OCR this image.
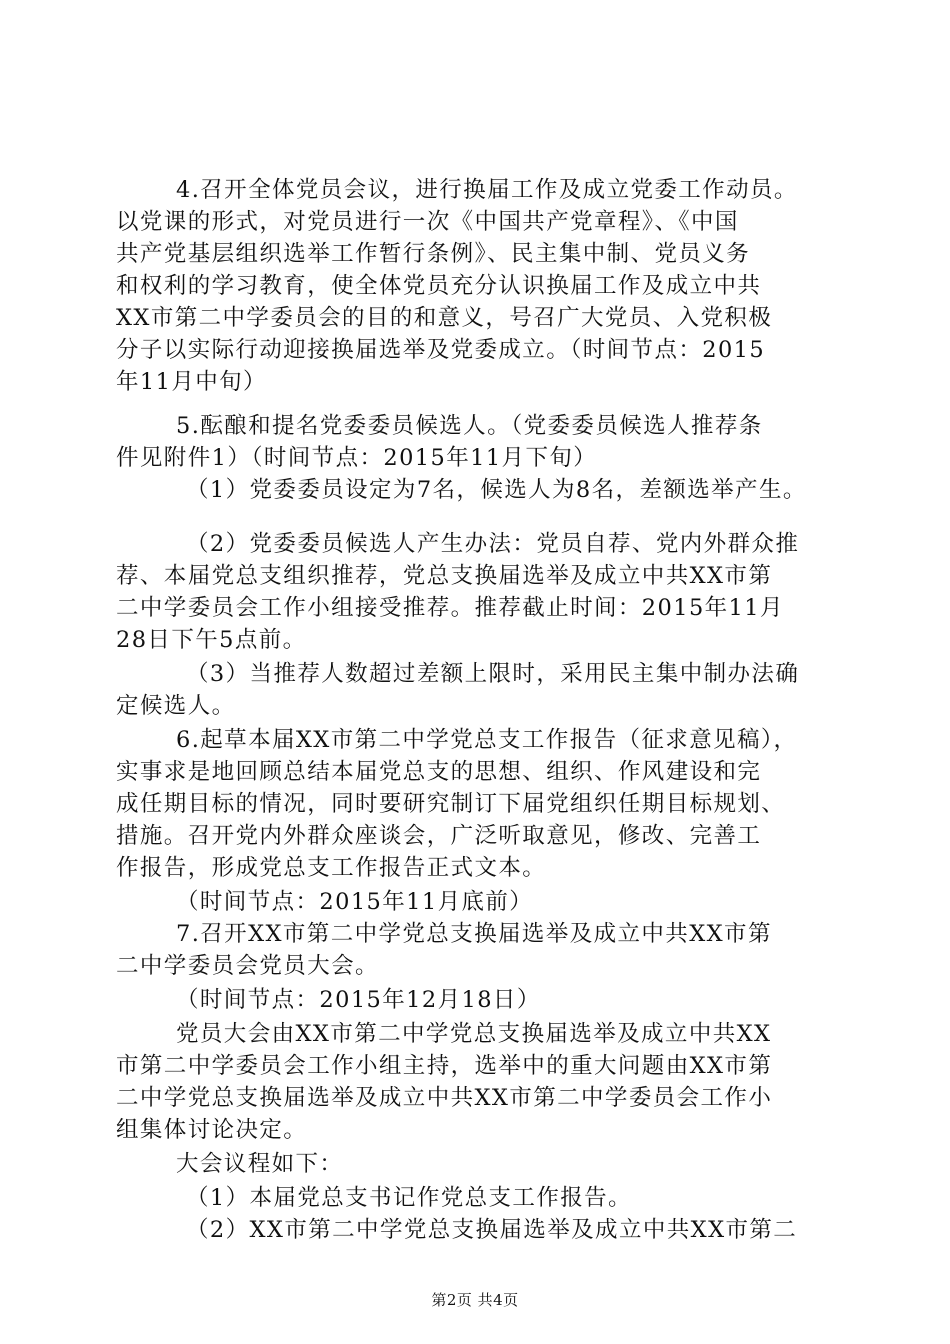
4.召开全体党员会议，进行换届工作及成立党委工作动员。
以党课的形式，对党员进行一次《中国共产党章程》、《中国
共产党基层组织选举工作暂行条例》、民主集中制、党员义务
和权利的学习教育，使全体党员充分认识换届工作及成立中共
XX市第二中学委员会的目的和意义，号召广大党员、入党积极
分子以实际行动迎接换届选举及党委成立。（时间节点：2015
年11月中旬）
5.酝酿和提名党委委员候选人。（党委委员候选人推荐条
件见附件1）（时间节点：2015年11月下旬）
（1）党委委员设定为7名，候选人为8名，差额选举产生。
（2）党委委员候选人产生办法：党员自荐、党内外群众推
荐、本届党总支组织推荐，党总支换届选举及成立中共XX市第
二中学委员会工作小组接受推荐。推荐截止时间：2015年11月
28日下午5点前。
（3）当推荐人数超过差额上限时，采用民主集中制办法确
定候选人。
6.起草本届XX市第二中学党总支工作报告（征求意见稿），
实事求是地回顾总结本届党总支的思想、组织、作风建设和完
成任期目标的情况，同时要研究制订下届党组织任期目标规划、
措施。召开党内外群众座谈会，广泛听取意见，修改、完善工
作报告，形成党总支工作报告正式文本。
（时间节点：2015年11月底前）
7.召开XX市第二中学党总支换届选举及成立中共XX市第
二中学委员会党员大会。
（时间节点：2015年12月18日）
党员大会由XX市第二中学党总支换届选举及成立中共XX
市第二中学委员会工作小组主持，选举中的重大问题由XX市第
二中学党总支换届选举及成立中共XX市第二中学委员会工作小
组集体讨论决定。
大会议程如下：
（1）本届党总支书记作党总支工作报告。
（2）XX市第二中学党总支换届选举及成立中共XX市第二
第2页 共4页
